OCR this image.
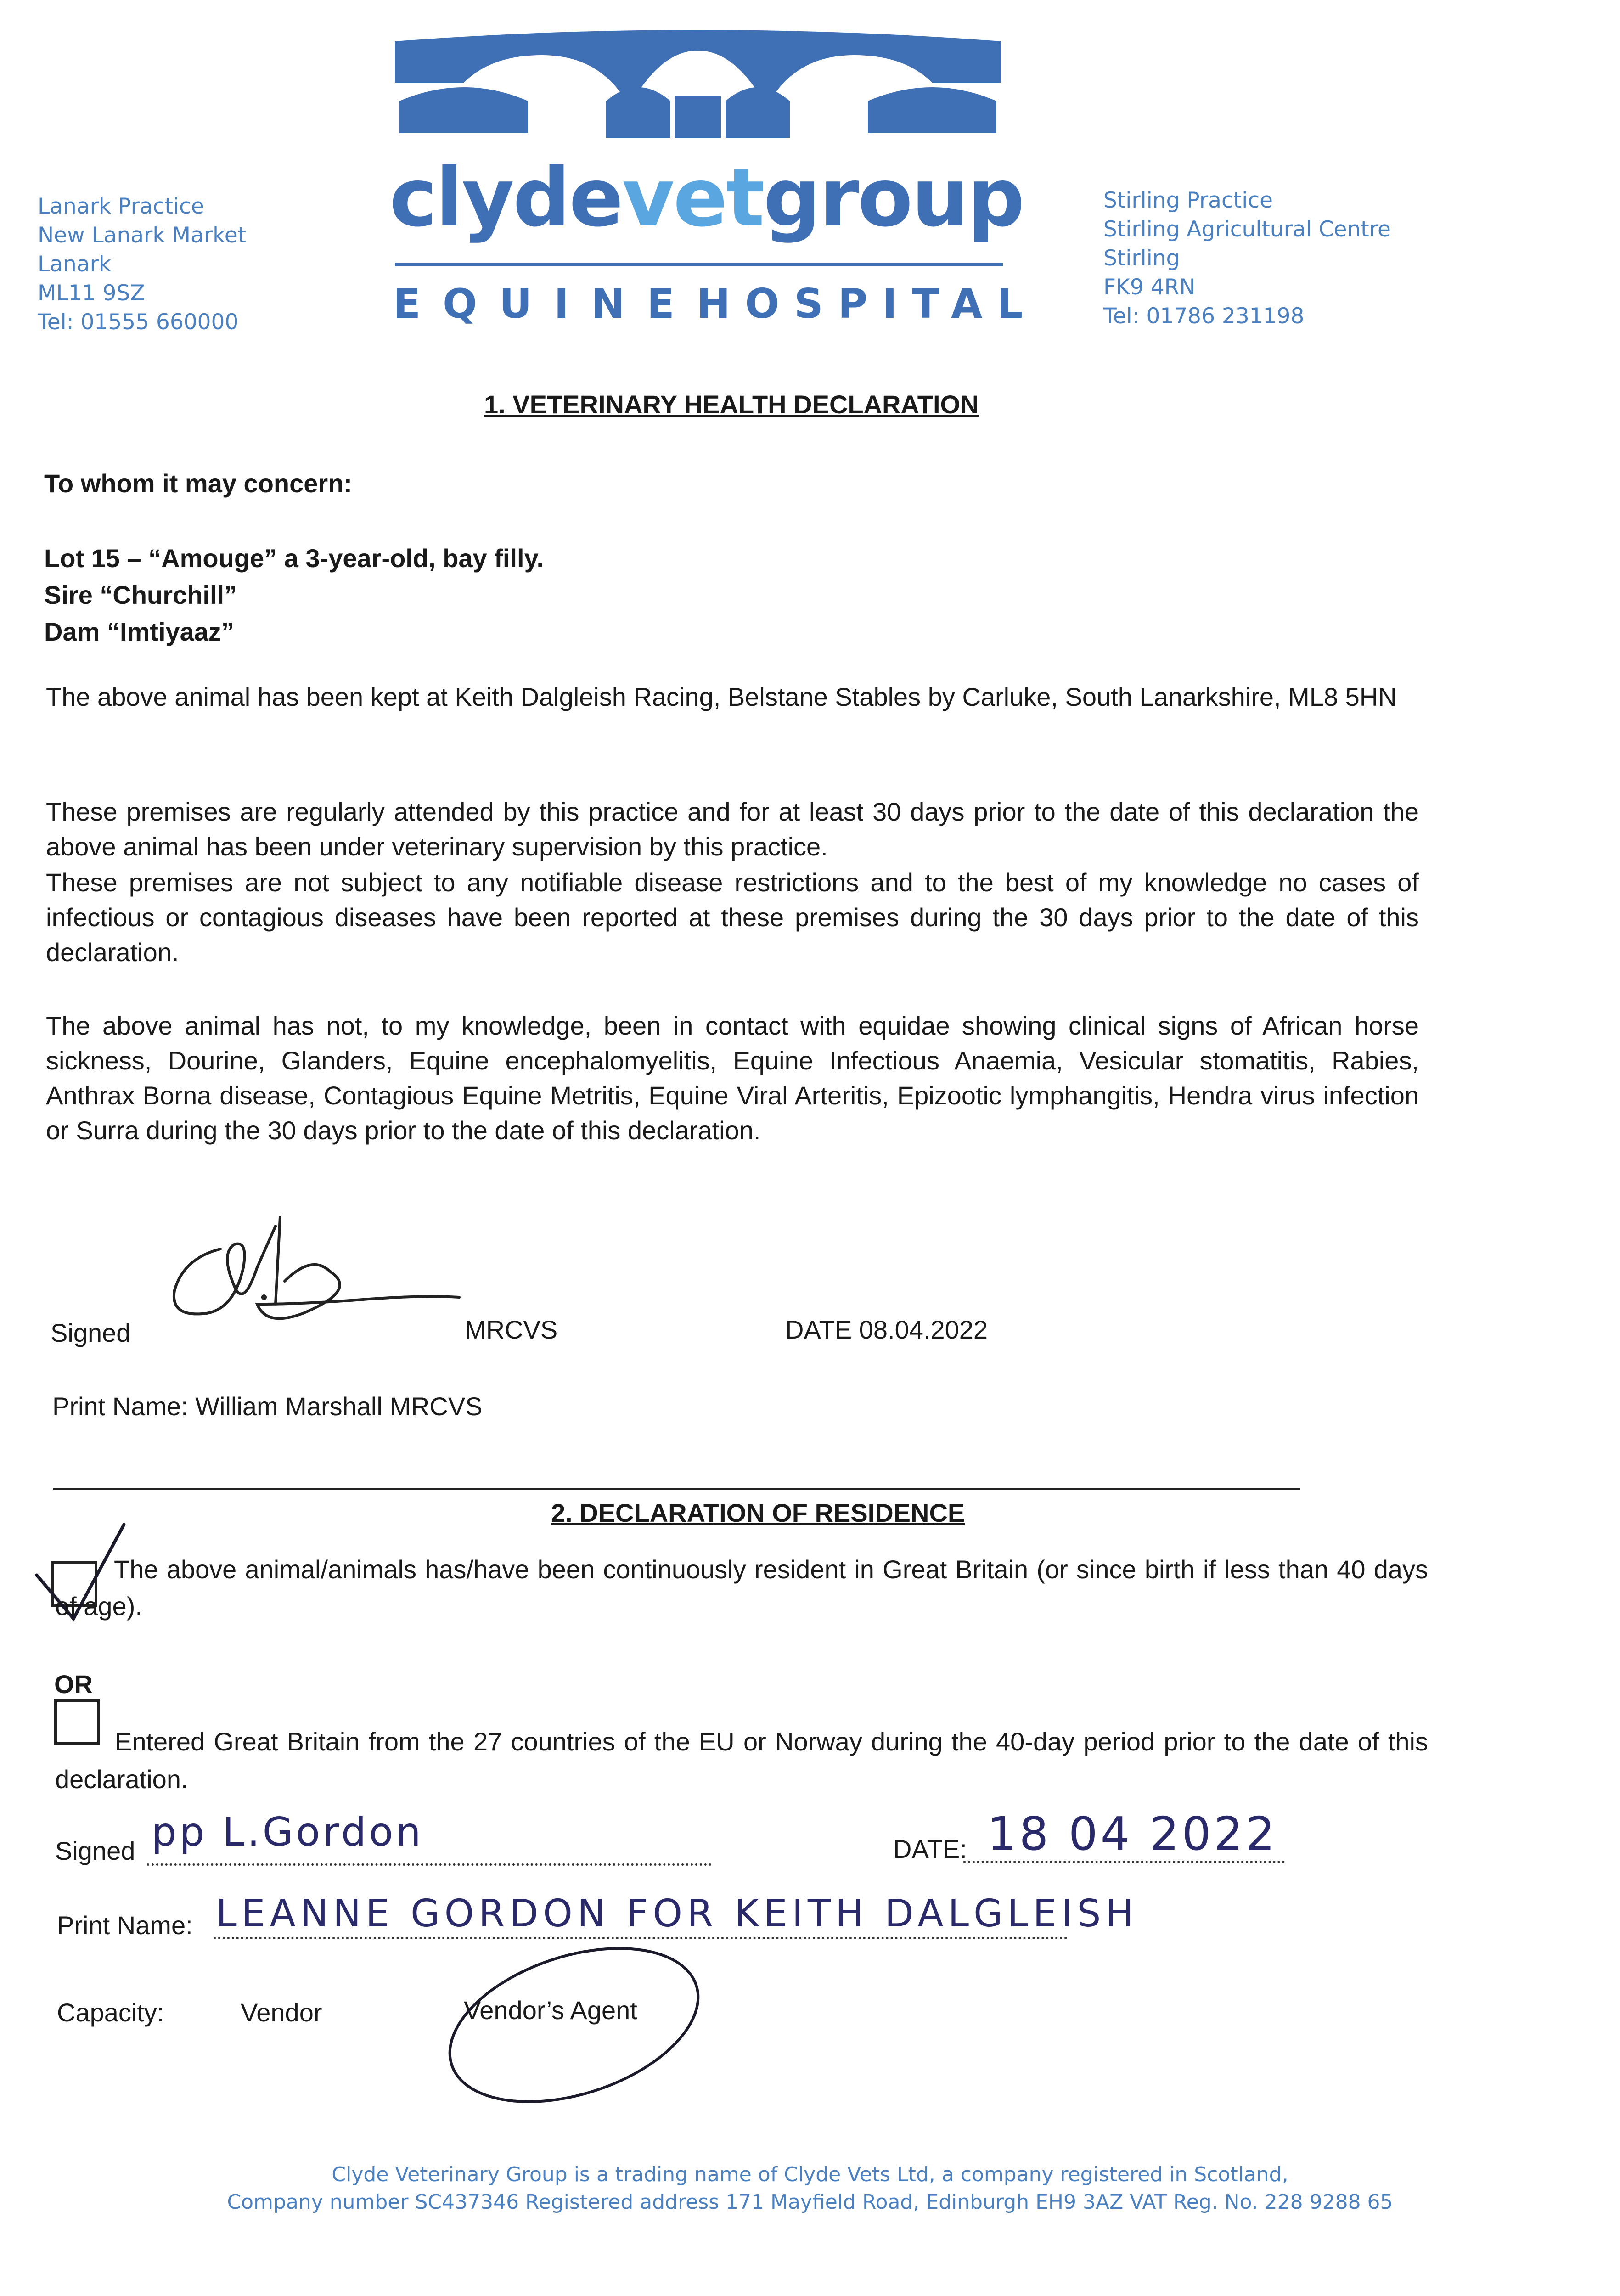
Lanark Practice
New Lanark Market
Lanark
ML11 9SZ
Tel: 01555 660000
clydevetgroup
EQUINE HOSPITAL
Stirling Practice
Stirling Agricultural Centre
Stirling
FK9 4RN
Tel: 01786 231198
1. VETERINARY HEALTH DECLARATION
To whom it may concern:
Lot 15 – “Amouge” a 3-year-old, bay filly.
Sire “Churchill”
Dam “Imtiyaaz”

The above animal has been kept at Keith Dalgleish Racing, Belstane Stables by Carluke, South Lanarkshire, ML8 5HN

These premises are regularly attended by this practice and for at least 30 days prior to the date of this declaration the above animal has been under veterinary supervision by this practice.

These premises are not subject to any notifiable disease restrictions and to the best of my knowledge no cases of infectious or contagious diseases have been reported at these premises during the 30 days prior to the date of this declaration.

The above animal has not, to my knowledge, been in contact with equidae showing clinical signs of African horse sickness, Dourine, Glanders, Equine encephalomyelitis, Equine Infectious Anaemia, Vesicular stomatitis, Rabies, Anthrax Borna disease, Contagious Equine Metritis, Equine Viral Arteritis, Epizootic lymphangitis, Hendra virus infection or Surra during the 30 days prior to the date of this declaration.

Signed	MRCVS	DATE 08.04.2022
Print Name: William Marshall MRCVS
2. DECLARATION OF RESIDENCE

The above animal/animals has/have been continuously resident in Great Britain (or since birth if less than 40 days of age).

OR

Entered Great Britain from the 27 countries of the EU or Norway during the 40-day period prior to the date of this declaration.

Signed pp L.Gordon	DATE: 18 04 2022
Print Name: LEANNE GORDON FOR KEITH DALGLEISH
Capacity:	Vendor	Vendor’s Agent
Clyde Veterinary Group is a trading name of Clyde Vets Ltd, a company registered in Scotland,
Company number SC437346 Registered address 171 Mayfield Road, Edinburgh EH9 3AZ VAT Reg. No. 228 9288 65
